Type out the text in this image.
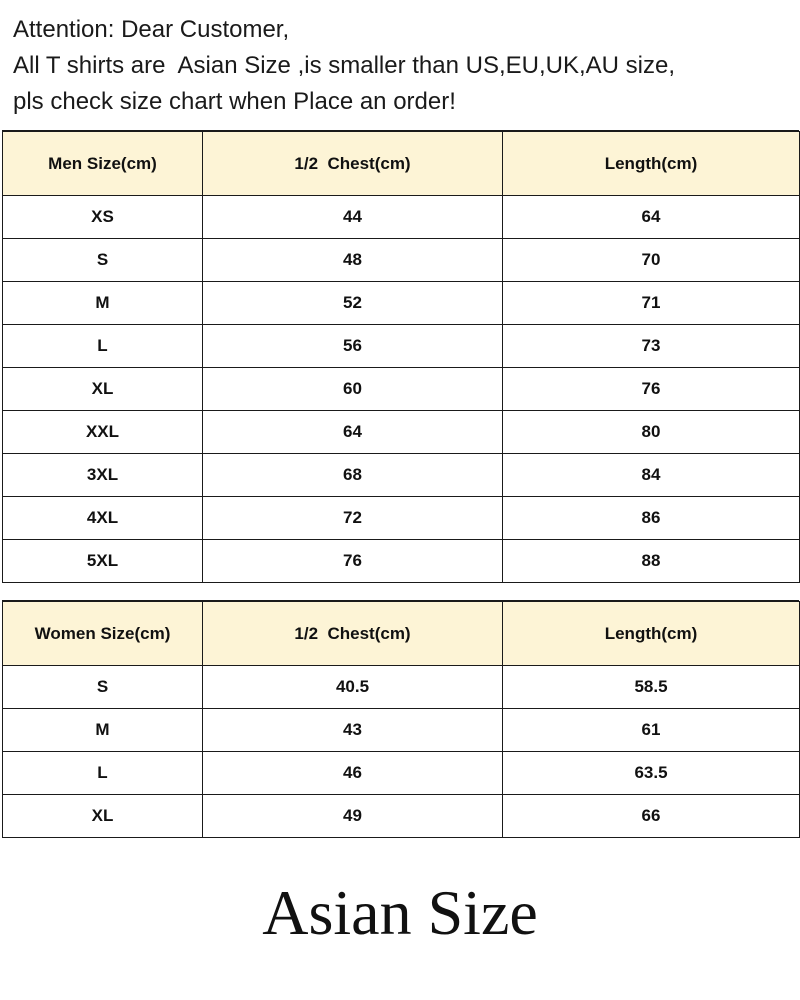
Attention: Dear Customer,
All T shirts are  Asian Size ,is smaller than US,EU,UK,AU size,
pls check size chart when Place an order!
Men Size(cm)	1/2  Chest(cm)	Length(cm)
XS	44	64
S	48	70
M	52	71
L	56	73
XL	60	76
XXL	64	80
3XL	68	84
4XL	72	86
5XL	76	88
Women Size(cm)	1/2  Chest(cm)	Length(cm)
S	40.5	58.5
M	43	61
L	46	63.5
XL	49	66
Asian Size
